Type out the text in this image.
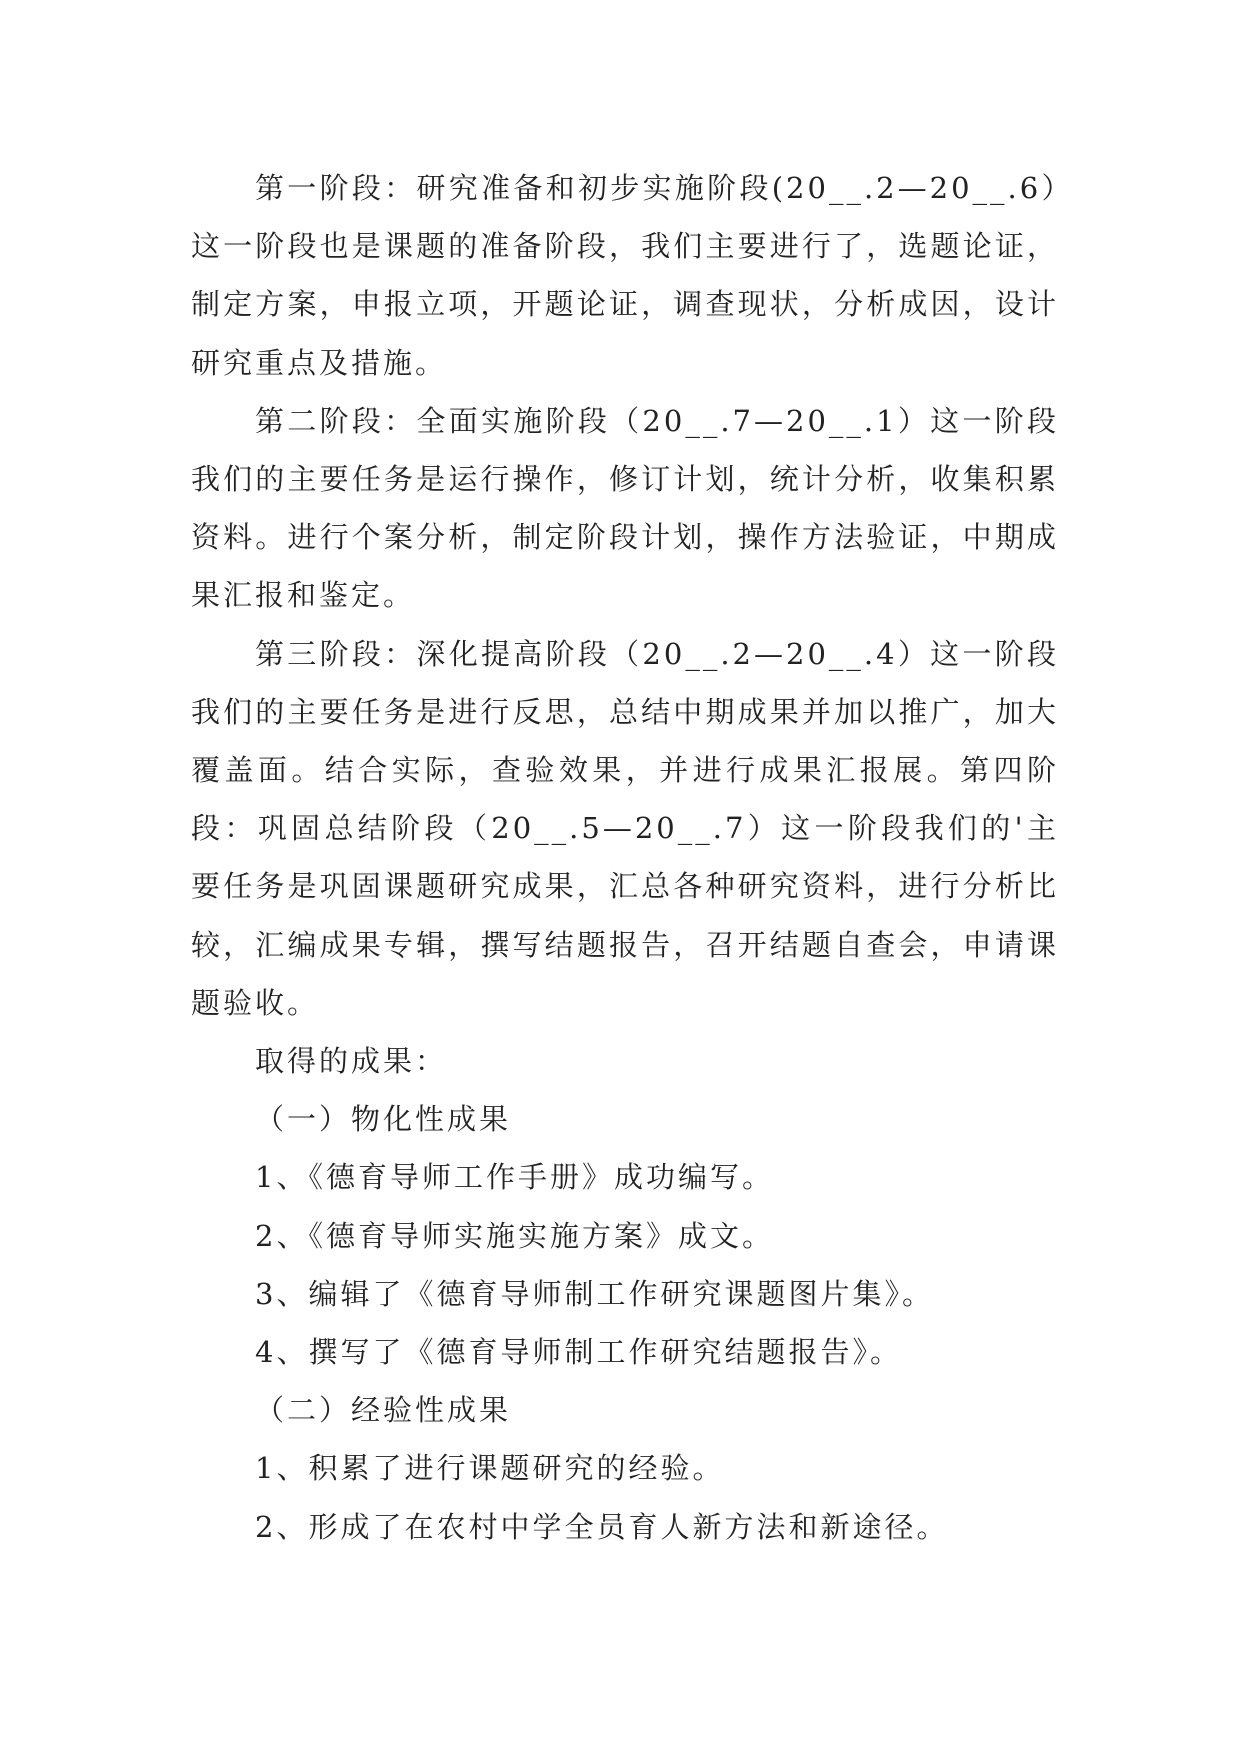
第一阶段：研究准备和初步实施阶段(20__.2—20__.6）这一阶段也是课题的准备阶段，我们主要进行了，选题论证，制定方案，申报立项，开题论证，调查现状，分析成因，设计研究重点及措施。

第二阶段：全面实施阶段（20__.7—20__.1）这一阶段我们的主要任务是运行操作，修订计划，统计分析，收集积累资料。进行个案分析，制定阶段计划，操作方法验证，中期成果汇报和鉴定。

第三阶段：深化提高阶段（20__.2—20__.4）这一阶段我们的主要任务是进行反思，总结中期成果并加以推广，加大覆盖面。结合实际，查验效果，并进行成果汇报展。第四阶段：巩固总结阶段（20__.5—20__.7）这一阶段我们的'主要任务是巩固课题研究成果，汇总各种研究资料，进行分析比较，汇编成果专辑，撰写结题报告，召开结题自查会，申请课题验收。

取得的成果：

（一）物化性成果

1、《德育导师工作手册》成功编写。

2、《德育导师实施实施方案》成文。

3、编辑了《德育导师制工作研究课题图片集》。

4、撰写了《德育导师制工作研究结题报告》。

（二）经验性成果

1、积累了进行课题研究的经验。

2、形成了在农村中学全员育人新方法和新途径。
